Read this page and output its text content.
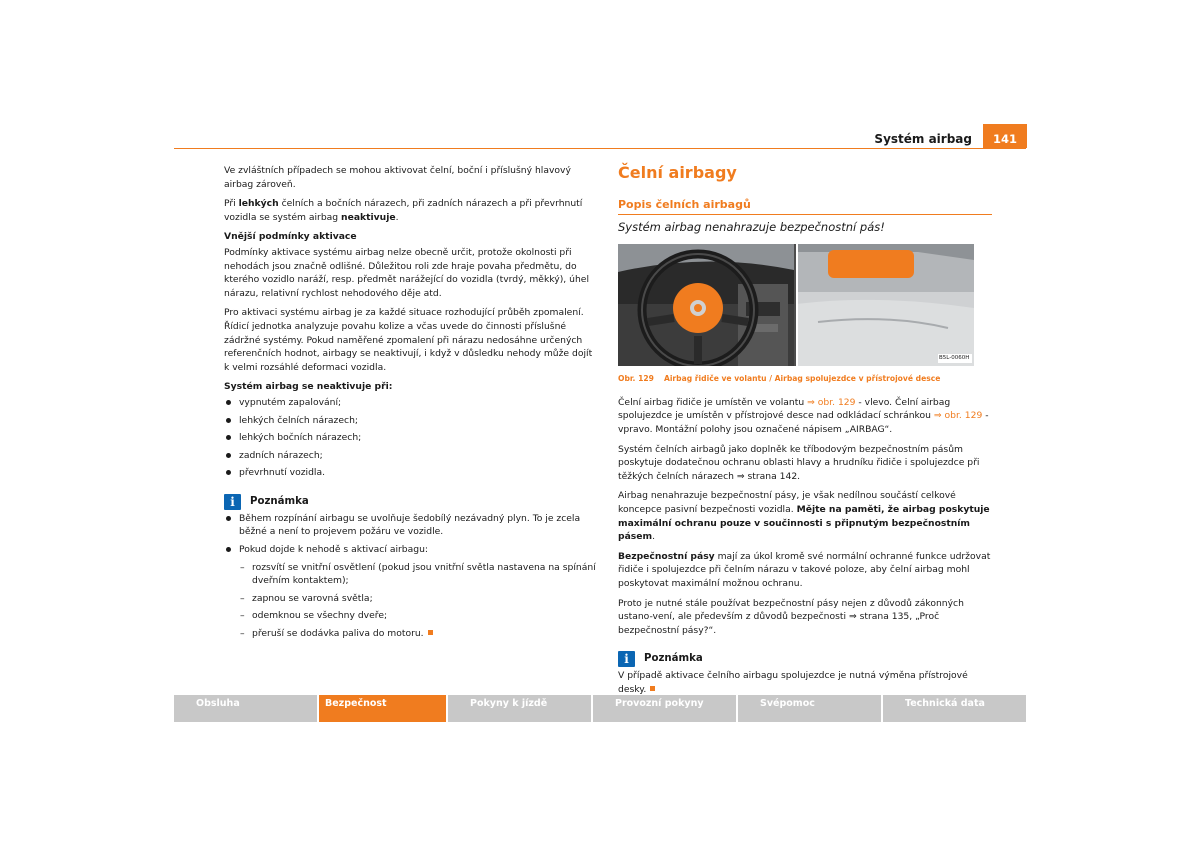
Systém airbag	141

Ve zvláštních případech se mohou aktivovat čelní, boční i příslušný hlavový airbag zároveň.

Při lehkých čelních a bočních nárazech, při zadních nárazech a při převrhnutí vozidla se systém airbag neaktivuje.

Vnější podmínky aktivace

Podmínky aktivace systému airbag nelze obecně určit, protože okolnosti při nehodách jsou značně odlišné. Důležitou roli zde hraje povaha předmětu, do kterého vozidlo naráží, resp. předmět narážející do vozidla (tvrdý, měkký), úhel nárazu, relativní rychlost nehodového děje atd.

Pro aktivaci systému airbag je za každé situace rozhodující průběh zpomalení. Řídicí jednotka analyzuje povahu kolize a včas uvede do činnosti příslušné zádržné systémy. Pokud naměřené zpomalení při nárazu nedosáhne určených referenčních hodnot, airbagy se neaktivují, i když v důsledku nehody může dojít k velmi rozsáhlé deformaci vozidla.

Systém airbag se neaktivuje při:
vypnutém zapalování;
lehkých čelních nárazech;
lehkých bočních nárazech;
zadních nárazech;
převrhnutí vozidla.
i	Poznámka
Během rozpínání airbagu se uvolňuje šedobílý nezávadný plyn. To je zcela běžné a není to projevem požáru ve vozidle.
Pokud dojde k nehodě s aktivací airbagu:
– rozsvítí se vnitřní osvětlení (pokud jsou vnitřní světla nastavena na spínání dveřním kontaktem);
– zapnou se varovná světla;
– odemknou se všechny dveře;
– přeruší se dodávka paliva do motoru.
Čelní airbagy
Popis čelních airbagů
Systém airbag nenahrazuje bezpečnostní pás!
B5L-0060H
Obr. 129 Airbag řidiče ve volantu / Airbag spolujezdce v přístrojové desce

Čelní airbag řidiče je umístěn ve volantu ⇒ obr. 129 - vlevo. Čelní airbag spolujezdce je umístěn v přístrojové desce nad odkládací schránkou ⇒ obr. 129 - vpravo. Montážní polohy jsou označené nápisem „AIRBAG“.

Systém čelních airbagů jako doplněk ke tříbodovým bezpečnostním pásům poskytuje dodatečnou ochranu oblasti hlavy a hrudníku řidiče i spolujezdce při těžkých čelních nárazech ⇒ strana 142.

Airbag nenahrazuje bezpečnostní pásy, je však nedílnou součástí celkové koncepce pasivní bezpečnosti vozidla. Mějte na paměti, že airbag poskytuje maximální ochranu pouze v součinnosti s připnutým bezpečnostním pásem.

Bezpečnostní pásy mají za úkol kromě své normální ochranné funkce udržovat řidiče i spolujezdce při čelním nárazu v takové poloze, aby čelní airbag mohl poskytovat maximální možnou ochranu.

Proto je nutné stále používat bezpečnostní pásy nejen z důvodů zákonných ustano-vení, ale především z důvodů bezpečnosti ⇒ strana 135, „Proč bezpečnostní pásy?“.

i	Poznámka

V případě aktivace čelního airbagu spolujezdce je nutná výměna přístrojové desky.

Obsluha	Bezpečnost	Pokyny k jízdě	Provozní pokyny	Svépomoc	Technická data
